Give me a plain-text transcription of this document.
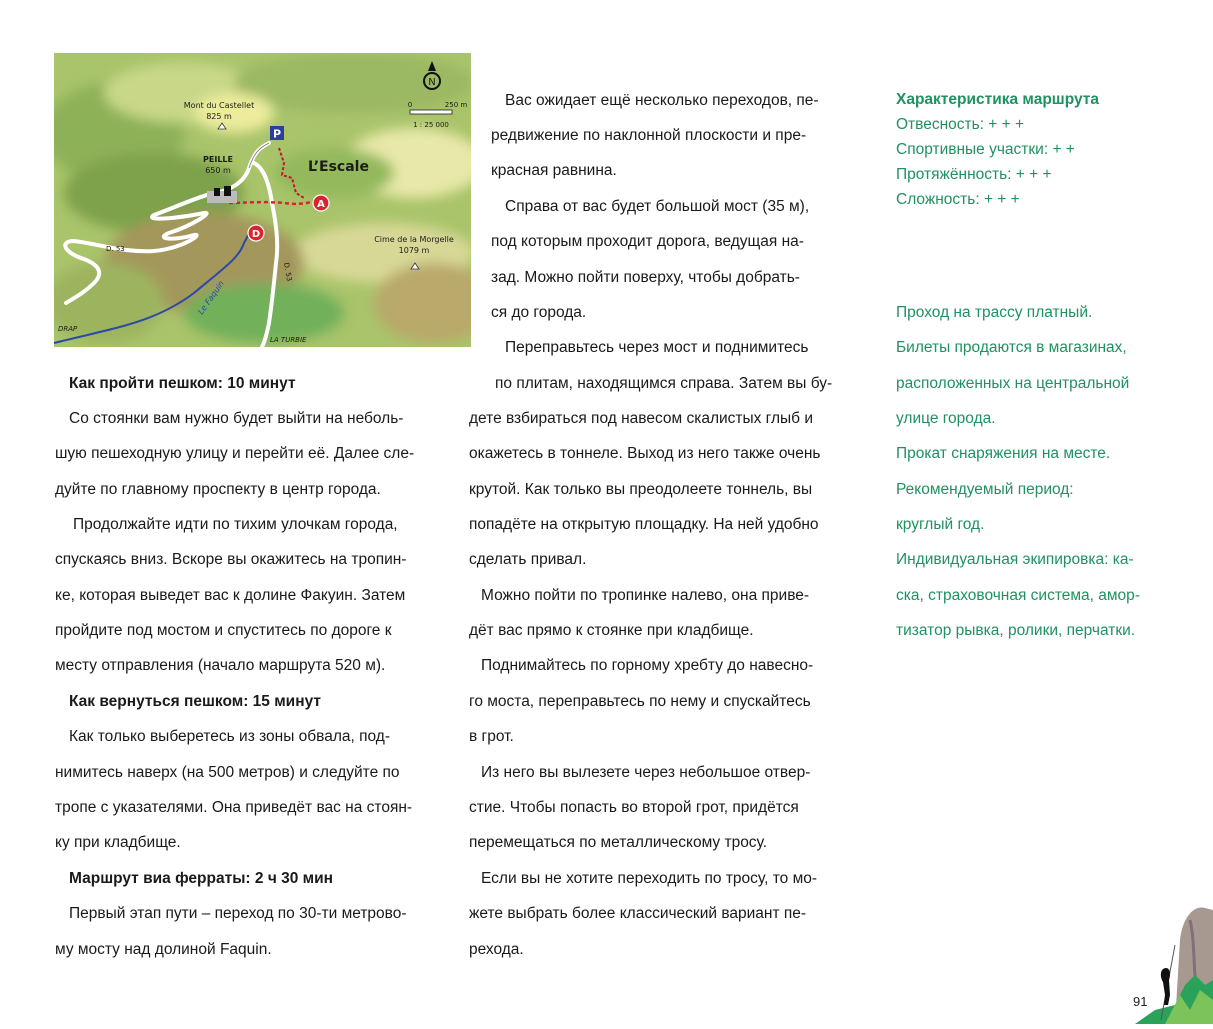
P
A
D
N
0	250 m
1 : 25 000
Mont du Castellet
825 m
PEILLE
650 m	L’Escale
Cime de la Morgelle
1079 m
D. 53
D. 53
Le Faquin
DRAP
LA TURBIE
Как пройти пешком: 10 минут
Со стоянки вам нужно будет выйти на неболь-
шую пешеходную улицу и перейти её. Далее сле-
дуйте по главному проспекту в центр города.
Продолжайте идти по тихим улочкам города,
спускаясь вниз. Вскоре вы окажитесь на тропин-
ке, которая выведет вас к долине Факуин. Затем
пройдите под мостом и спуститесь по дороге к
месту отправления (начало маршрута 520 м).
Как вернуться пешком: 15 минут
Как только выберетесь из зоны обвала, под-
нимитесь наверх (на 500 метров) и следуйте по
тропе с указателями. Она приведёт вас на стоян-
ку при кладбище.
Маршрут виа ферраты: 2 ч 30 мин
Первый этап пути – переход по 30-ти метрово-
му мосту над долиной Faquin.
Вас ожидает ещё несколько переходов, пе-
редвижение по наклонной плоскости и пре-
красная равнина.
Справа от вас будет большой мост (35 м),
под которым проходит дорога, ведущая на-
зад. Можно пойти поверху, чтобы добрать-
ся до города.
Переправьтесь через мост и поднимитесь
по плитам, находящимся справа. Затем вы бу-
дете взбираться под навесом скалистых глыб и
окажетесь в тоннеле. Выход из него также очень
крутой. Как только вы преодолеете тоннель, вы
попадёте на открытую площадку. На ней удобно
сделать привал.
Можно пойти по тропинке налево, она приве-
дёт вас прямо к стоянке при кладбище.
Поднимайтесь по горному хребту до навесно-
го моста, переправьтесь по нему и спускайтесь
в грот.
Из него вы вылезете через небольшое отвер-
стие. Чтобы попасть во второй грот, придётся
перемещаться по металлическому тросу.
Если вы не хотите переходить по тросу, то мо-
жете выбрать более классический вариант пе-
рехода.
Характеристика маршрута
Отвесность: + + +
Спортивные участки: + +
Протяжённость: + + +
Сложность: + + +
Проход на трассу платный.
Билеты продаются в магазинах,
расположенных на центральной
улице города.
Прокат снаряжения на месте.
Рекомендуемый период:
круглый год.
Индивидуальная экипировка: ка-
ска, страховочная система, амор-
тизатор рывка, ролики, перчатки.
91
